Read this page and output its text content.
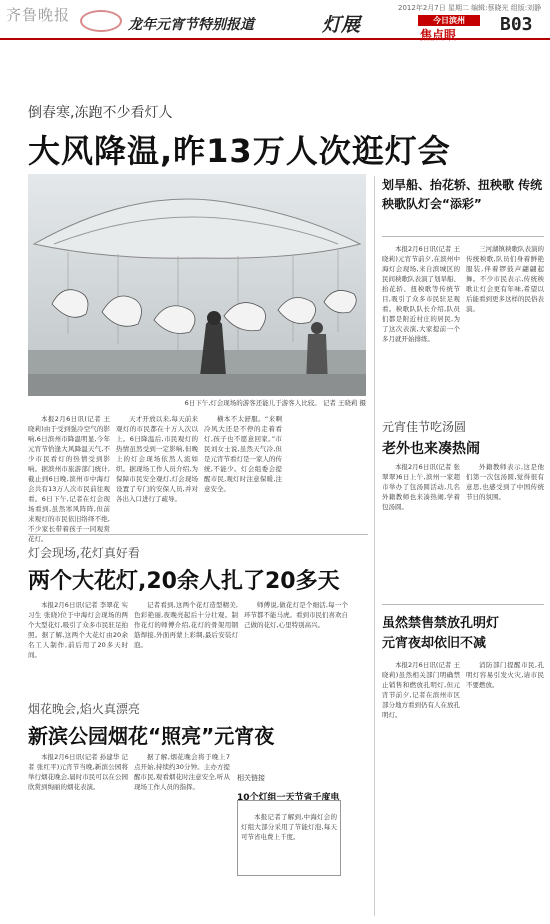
齐鲁晚报
龙年元宵节特别报道	灯展
2012年2月7日 星期二 编辑:蔡晓光 组版:刘静
今日滨州
焦点眼 B03
倒春寒,冻跑不少看灯人
大风降温,昨13万人次逛灯会
6日下午,灯会现场的游客还能儿于游客人比较。 记者 王晓莉 摄
划旱船、抬花轿、扭秧歌 传统秧歌队灯会“添彩”

本报2月6日讯(记者 王晓莉)元宵节前夕,在滨州中海灯会现场,来自滨城区的民间秧歌队表演了划旱船、抬花轿、扭秧歌等传统节目,吸引了众多市民驻足观看。秧歌队队长介绍,队员们都是附近村庄的居民,为了这次表演,大家提前一个多月就开始排练。

三河湖镇秧歌队表演的传统秧歌,队员们身着鲜艳服装,伴着锣鼓声翩翩起舞。不少市民表示,传统秧歌让灯会更有年味,希望以后能看到更多这样的民俗表演。

本报2月6日讯(记者 王晓莉)由于受到强冷空气的影响,6日滨州市降温明显,今年元宵节恰逢大风降温天气,不少市民看灯的热情受到影响。据滨州市旅游部门统计,截止到6日晚,滨州市中海灯会共有13万人次市民前往观看。6日下午,记者在灯会现场看到,虽然寒风阵阵,但前来观灯的市民依旧络绎不绝,不少家长带着孩子一同观赏花灯。

天才开放以来,每天前来观灯的市民都在十万人次以上。6日降温后,市民观灯的热情虽然受到一定影响,但晚上的灯会现场依然人流如织。据现场工作人员介绍,为保障市民安全观灯,灯会现场设置了专门的安保人员,并对各出入口进行了疏导。

横本不太舒服。“来啊冷风大还是不停的走着看灯,孩子也不愿意回家。”市民刘女士说,虽然天气冷,但是元宵节看灯是一家人的传统,不能少。灯会组委会提醒市民,观灯时注意保暖,注意安全。

元宵佳节吃汤圆
老外也来凑热闹

本报2月6日讯(记者 张翠翠)6日上午,滨州一家超市举办了包汤圆活动,几名外籍教师也来凑热闹,学着包汤圆。

外籍教师表示,这是他们第一次包汤圆,觉得很有意思,也感受到了中国传统节日的氛围。

虽然禁售禁放孔明灯
元宵夜却依旧不减

本报2月6日讯(记者 王晓莉)虽然相关部门明确禁止销售和燃放孔明灯,但元宵节前夕,记者在滨州市区部分地方看到仍有人在放孔明灯。

消防部门提醒市民,孔明灯容易引发火灾,请市民不要燃放。

灯会现场,花灯真好看
两个大花灯,20余人扎了20多天

本报2月6日讯(记者 李翠花 实习生 张晓)位于中海灯会现场的两个大型花灯,吸引了众多市民驻足拍照。据了解,这两个大花灯由20余名工人制作,前后用了20多天时间。

记者看到,这两个花灯造型精美,色彩艳丽,夜晚亮起后十分壮观。制作花灯的师傅介绍,花灯的骨架用钢筋焊接,外面再蒙上彩绸,最后安装灯泡。

师傅说,做花灯是个细活,每一个环节都不能马虎。看到市民们喜欢自己做的花灯,心里特别高兴。

烟花晚会,焰火真漂亮
新滨公园烟花“照亮”元宵夜

本报2月6日讯(记者 孙建华 记者 张红平)元宵节当晚,新滨公园将举行烟花晚会,届时市民可以在公园欣赏到绚丽的烟花表演。

据了解,烟花晚会将于晚上7点开始,持续约30分钟。主办方提醒市民,观看烟花时注意安全,听从现场工作人员的指挥。

相关链接
10个灯组一天节省千度电

本报记者了解到,中海灯会的灯组大部分采用了节能灯泡,每天可节省电费上千度。
